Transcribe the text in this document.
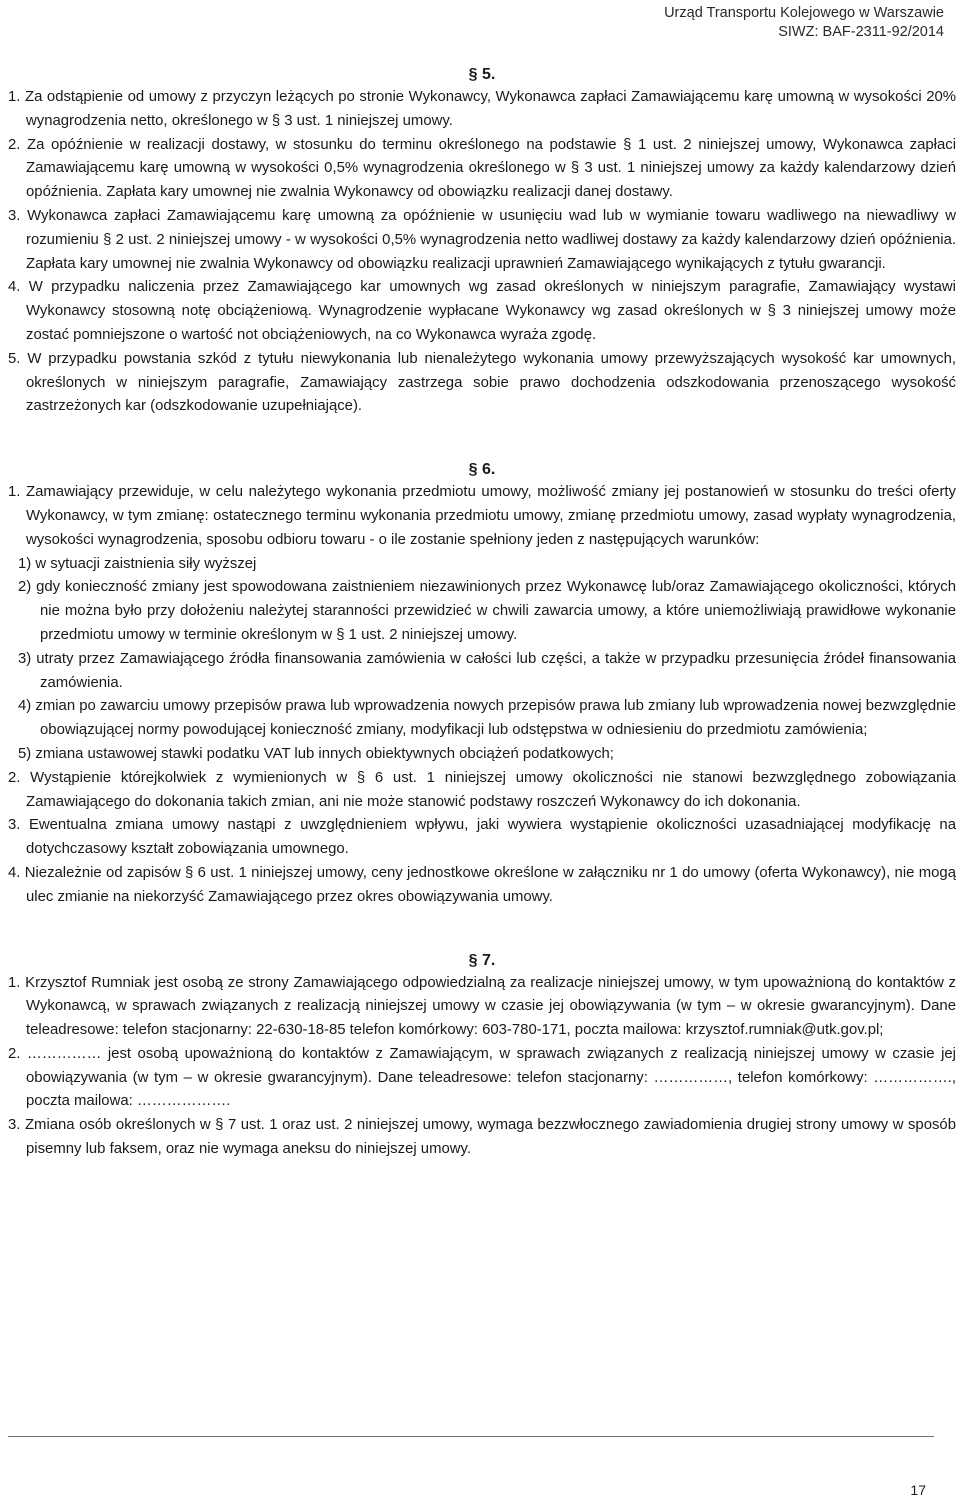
Urząd Transportu Kolejowego w Warszawie
SIWZ: BAF-2311-92/2014

§ 5.

1. Za odstąpienie od umowy z przyczyn leżących po stronie Wykonawcy, Wykonawca zapłaci Zamawiającemu karę umowną w wysokości 20% wynagrodzenia netto, określonego w § 3 ust. 1 niniejszej umowy.

2. Za opóźnienie w realizacji dostawy, w stosunku do terminu określonego na podstawie § 1 ust. 2 niniejszej umowy, Wykonawca zapłaci Zamawiającemu karę umowną w wysokości 0,5% wynagrodzenia określonego w § 3 ust. 1 niniejszej umowy za każdy kalendarzowy dzień opóźnienia. Zapłata kary umownej nie zwalnia Wykonawcy od obowiązku realizacji danej dostawy.

3. Wykonawca zapłaci Zamawiającemu karę umowną za opóźnienie w usunięciu wad lub w wymianie towaru wadliwego na niewadliwy w rozumieniu § 2 ust. 2 niniejszej umowy - w wysokości 0,5% wynagrodzenia netto wadliwej dostawy za każdy kalendarzowy dzień opóźnienia. Zapłata kary umownej nie zwalnia Wykonawcy od obowiązku realizacji uprawnień Zamawiającego wynikających z tytułu gwarancji.

4. W przypadku naliczenia przez Zamawiającego kar umownych wg zasad określonych w niniejszym paragrafie, Zamawiający wystawi Wykonawcy stosowną notę obciążeniową. Wynagrodzenie wypłacane Wykonawcy wg zasad określonych w § 3 niniejszej umowy może zostać pomniejszone o wartość not obciążeniowych, na co Wykonawca wyraża zgodę.

5. W przypadku powstania szkód z tytułu niewykonania lub nienależytego wykonania umowy przewyższających wysokość kar umownych, określonych w niniejszym paragrafie, Zamawiający zastrzega sobie prawo dochodzenia odszkodowania przenoszącego wysokość zastrzeżonych kar (odszkodowanie uzupełniające).

§ 6.

1. Zamawiający przewiduje, w celu należytego wykonania przedmiotu umowy, możliwość zmiany jej postanowień w stosunku do treści oferty Wykonawcy, w tym zmianę: ostatecznego terminu wykonania przedmiotu umowy, zmianę przedmiotu umowy, zasad wypłaty wynagrodzenia, wysokości wynagrodzenia, sposobu odbioru towaru - o ile zostanie spełniony jeden z następujących warunków:

1) w sytuacji zaistnienia siły wyższej

2) gdy konieczność zmiany jest spowodowana zaistnieniem niezawinionych przez Wykonawcę lub/oraz Zamawiającego okoliczności, których nie można było przy dołożeniu należytej staranności przewidzieć w chwili zawarcia umowy, a które uniemożliwiają prawidłowe wykonanie przedmiotu umowy w terminie określonym w § 1 ust. 2 niniejszej umowy.

3) utraty przez Zamawiającego źródła finansowania zamówienia w całości lub części, a także w przypadku przesunięcia źródeł finansowania zamówienia.

4) zmian po zawarciu umowy przepisów prawa lub wprowadzenia nowych przepisów prawa lub zmiany lub wprowadzenia nowej bezwzględnie obowiązującej normy powodującej konieczność zmiany, modyfikacji lub odstępstwa w odniesieniu do przedmiotu zamówienia;

5) zmiana ustawowej stawki podatku VAT lub innych obiektywnych obciążeń podatkowych;

2. Wystąpienie którejkolwiek z wymienionych w § 6 ust. 1 niniejszej umowy okoliczności nie stanowi bezwzględnego zobowiązania Zamawiającego do dokonania takich zmian, ani nie może stanowić podstawy roszczeń Wykonawcy do ich dokonania.

3. Ewentualna zmiana umowy nastąpi z uwzględnieniem wpływu, jaki wywiera wystąpienie okoliczności uzasadniającej modyfikację na dotychczasowy kształt zobowiązania umownego.

4. Niezależnie od zapisów § 6 ust. 1 niniejszej umowy, ceny jednostkowe określone w załączniku nr 1 do umowy (oferta Wykonawcy), nie mogą ulec zmianie na niekorzyść Zamawiającego przez okres obowiązywania umowy.

§ 7.

1. Krzysztof Rumniak jest osobą ze strony Zamawiającego odpowiedzialną za realizacje niniejszej umowy, w tym upoważnioną do kontaktów z Wykonawcą, w sprawach związanych z realizacją niniejszej umowy w czasie jej obowiązywania (w tym – w okresie gwarancyjnym). Dane teleadresowe: telefon stacjonarny: 22-630-18-85 telefon komórkowy: 603-780-171, poczta mailowa: krzysztof.rumniak@utk.gov.pl;

2. …………… jest osobą upoważnioną do kontaktów z Zamawiającym, w sprawach związanych z realizacją niniejszej umowy w czasie jej obowiązywania (w tym – w okresie gwarancyjnym). Dane teleadresowe: telefon stacjonarny: ……………, telefon komórkowy: ……………., poczta mailowa: ……………….

3. Zmiana osób określonych w § 7 ust. 1 oraz ust. 2 niniejszej umowy, wymaga bezzwłocznego zawiadomienia drugiej strony umowy w sposób pisemny lub faksem, oraz nie wymaga aneksu do niniejszej umowy.

17
